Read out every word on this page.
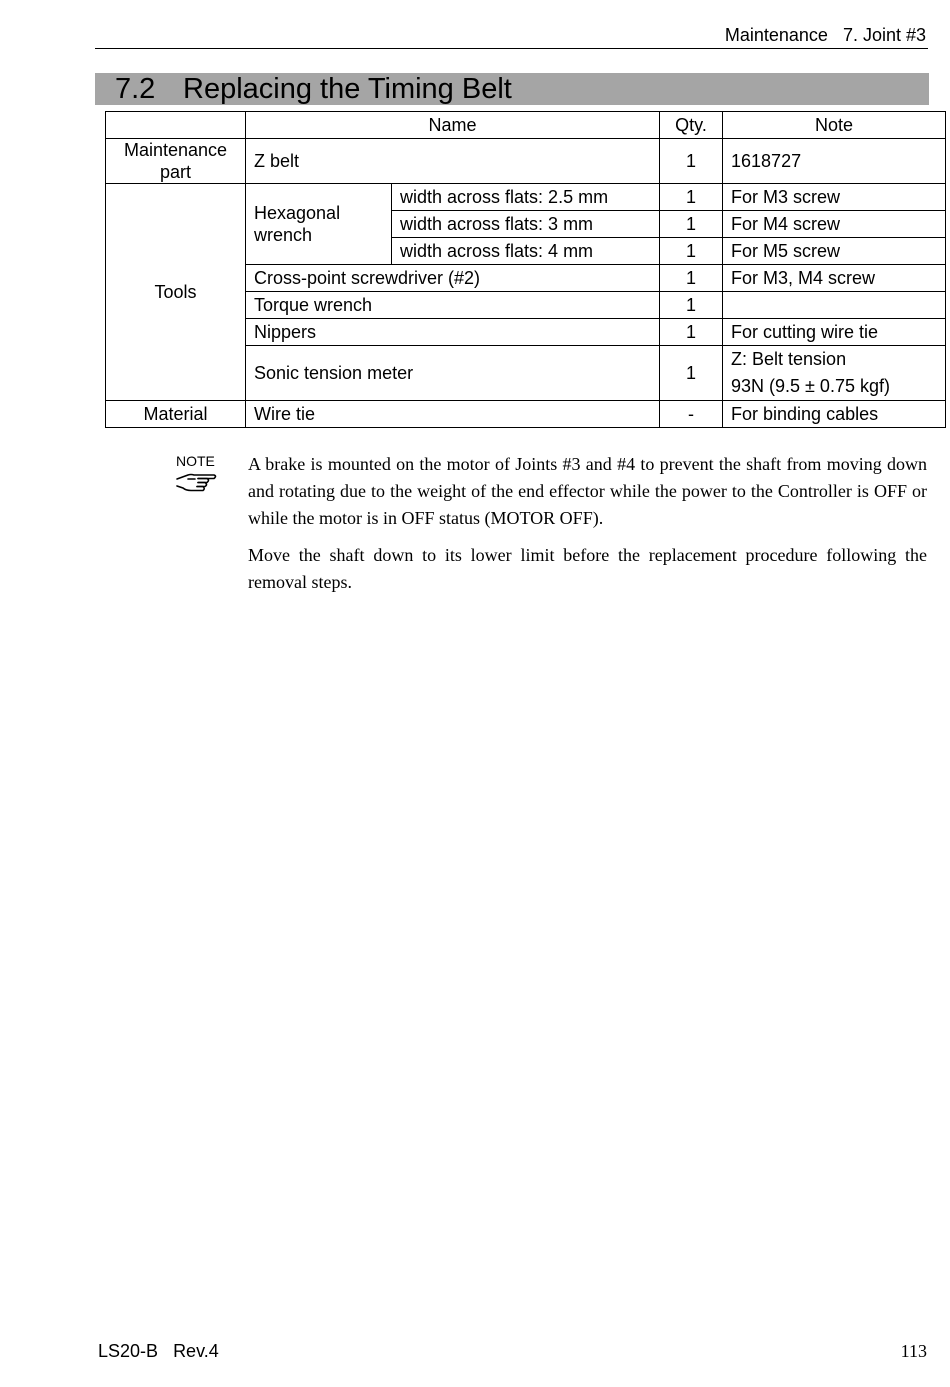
Maintenance 7. Joint #3
7.2 Replacing the Timing Belt
	Name		Qty.	Note
Maintenance part	Z belt		1	1618727
Tools	Hexagonal wrench	width across flats: 2.5 mm	1	For M3 screw
		width across flats: 3 mm	1	For M4 screw
		width across flats: 4 mm	1	For M5 screw
	Cross-point screwdriver (#2)		1	For M3, M4 screw
	Torque wrench		1	
	Nippers		1	For cutting wire tie
	Sonic tension meter		1	Z: Belt tension
93N (9.5 ± 0.75 kgf)

Material	Wire tie		-	For binding cables
NOTE A brake is mounted on the motor of Joints #3 and #4 to prevent the shaft from moving down and rotating due to the weight of the end effector while the power to the Controller is OFF or while the motor is in OFF status (MOTOR OFF).

Move the shaft down to its lower limit before the replacement procedure following the removal steps.

LS20-B Rev.4	113
